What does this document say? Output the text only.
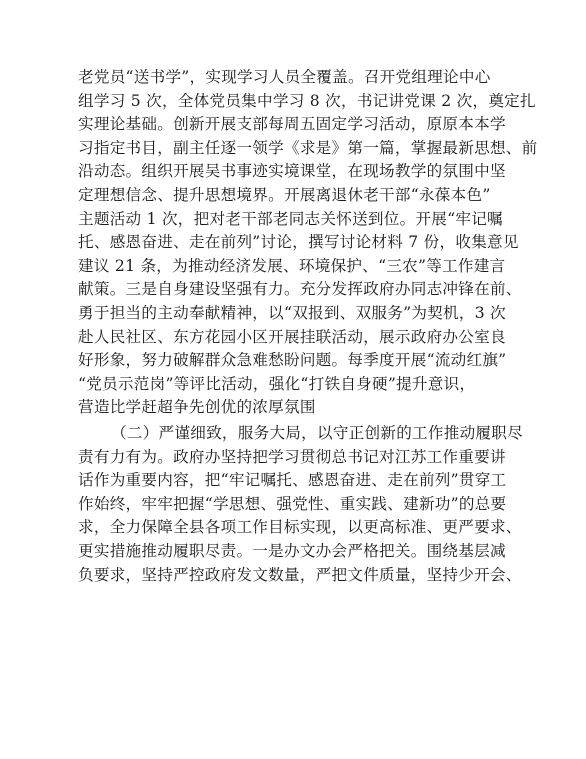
老党员“送书学”，实现学习人员全覆盖。召开党组理论中心
组学习 5 次，全体党员集中学习 8 次，书记讲党课 2 次，奠定扎
实理论基础。创新开展支部每周五固定学习活动，原原本本学
习指定书目，副主任逐一领学《求是》第一篇，掌握最新思想、前
沿动态。组织开展吴书事迹实境课堂，在现场教学的氛围中坚
定理想信念、提升思想境界。开展离退休老干部“永葆本色”
主题活动 1 次，把对老干部老同志关怀送到位。开展“牢记嘱
托、感恩奋进、走在前列”讨论，撰写讨论材料 7 份，收集意见
建议 21 条，为推动经济发展、环境保护、“三农”等工作建言
献策。三是自身建设坚强有力。充分发挥政府办同志冲锋在前、
勇于担当的主动奉献精神，以“双报到、双服务”为契机，3 次
赴人民社区、东方花园小区开展挂联活动，展示政府办公室良
好形象，努力破解群众急难愁盼问题。每季度开展“流动红旗”
“党员示范岗”等评比活动，强化“打铁自身硬”提升意识，
营造比学赶超争先创优的浓厚氛围
（二）严谨细致，服务大局，以守正创新的工作推动履职尽
责有力有为。政府办坚持把学习贯彻总书记对江苏工作重要讲
话作为重要内容，把“牢记嘱托、感恩奋进、走在前列”贯穿工
作始终，牢牢把握“学思想、强党性、重实践、建新功”的总要
求，全力保障全县各项工作目标实现，以更高标准、更严要求、
更实措施推动履职尽责。一是办文办会严格把关。围绕基层减
负要求，坚持严控政府发文数量，严把文件质量，坚持少开会、
